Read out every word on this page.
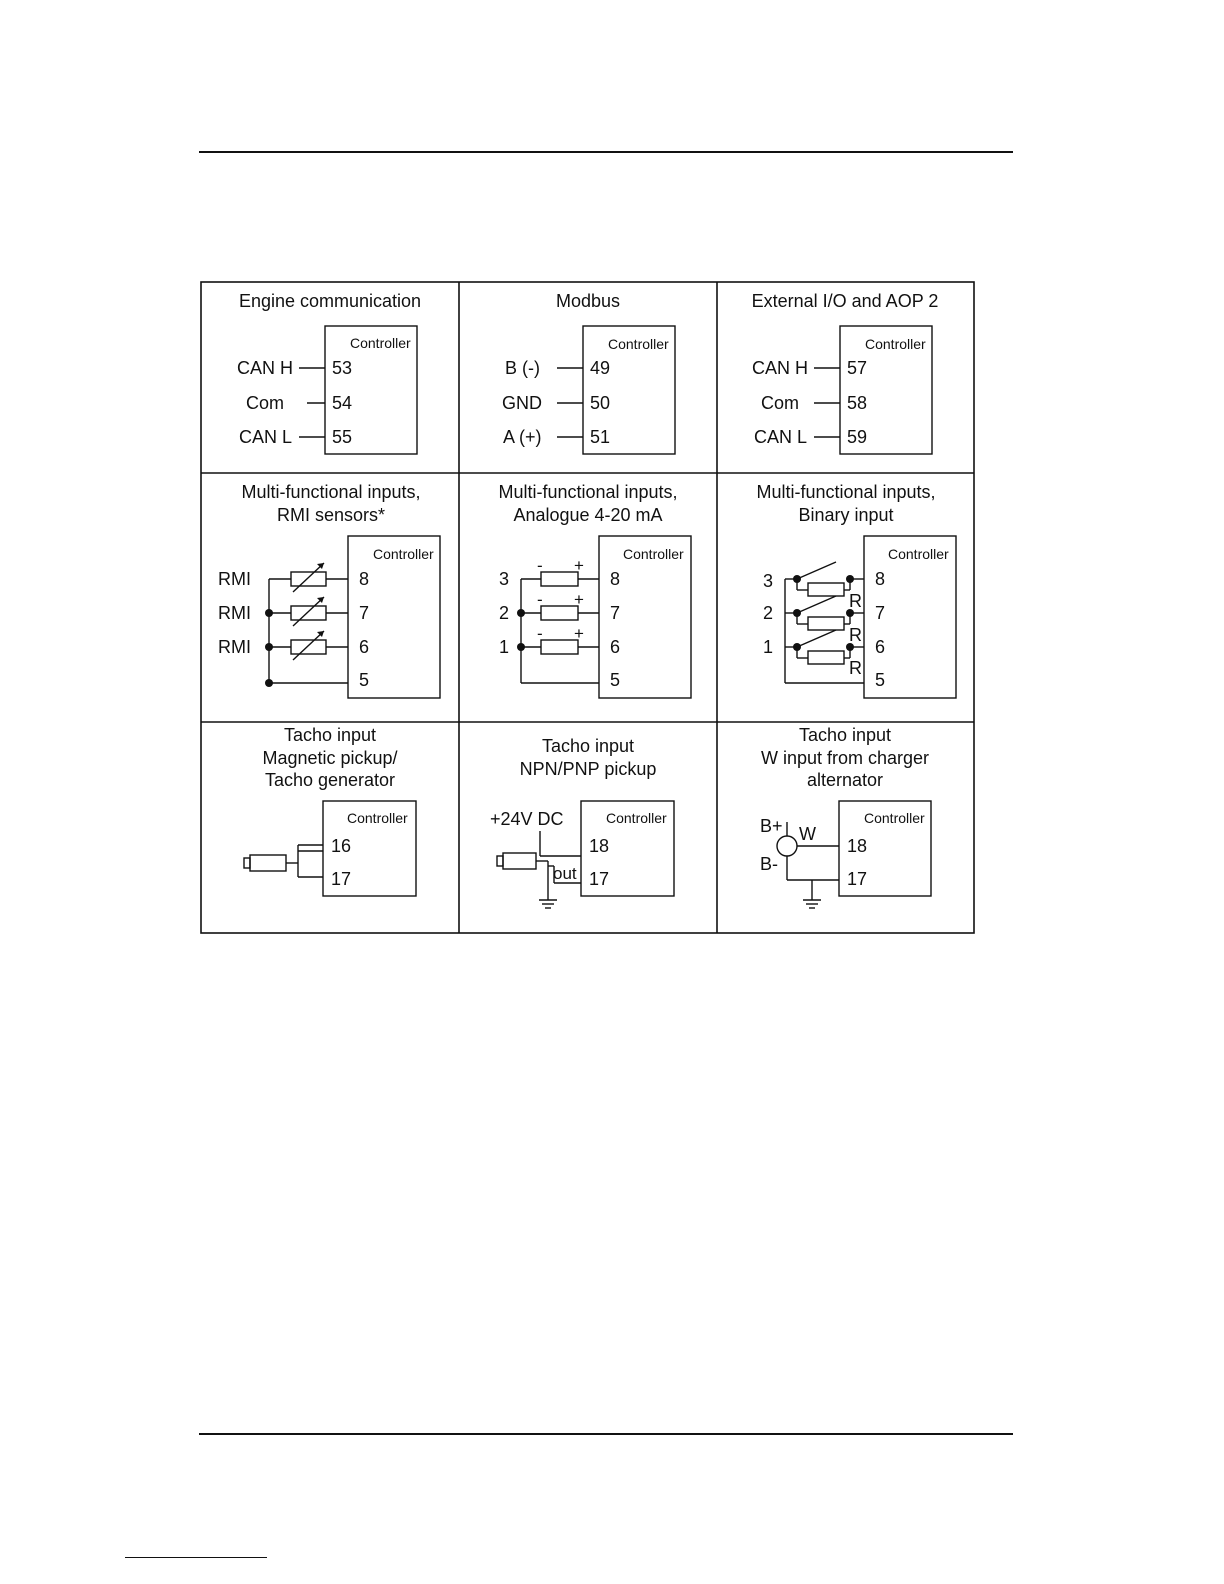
Engine communication
Controller
CAN H
Com
CAN L
53
54
55
Modbus
Controller
B (-)
GND
A (+)
49
50
51
External I/O and AOP 2
Controller
CAN H
Com
CAN L
57
58
59
Multi-functional inputs,
RMI sensors*
Controller
RMI
RMI
RMI
8
7
6
5
Multi-functional inputs,
Analogue 4-20 mA
Controller
- +
- +
- +
3
2
1
8
7
6
5
Multi-functional inputs,
Binary input
Controller
R
R
R
3
2
1
8
7
6
5
Tacho input
Magnetic pickup/
Tacho generator
Controller
16
17
Tacho input
NPN/PNP pickup
Controller
+24V DC
out
18
17
Tacho input
W input from charger
alternator
Controller
B+
B-
W
18
17
